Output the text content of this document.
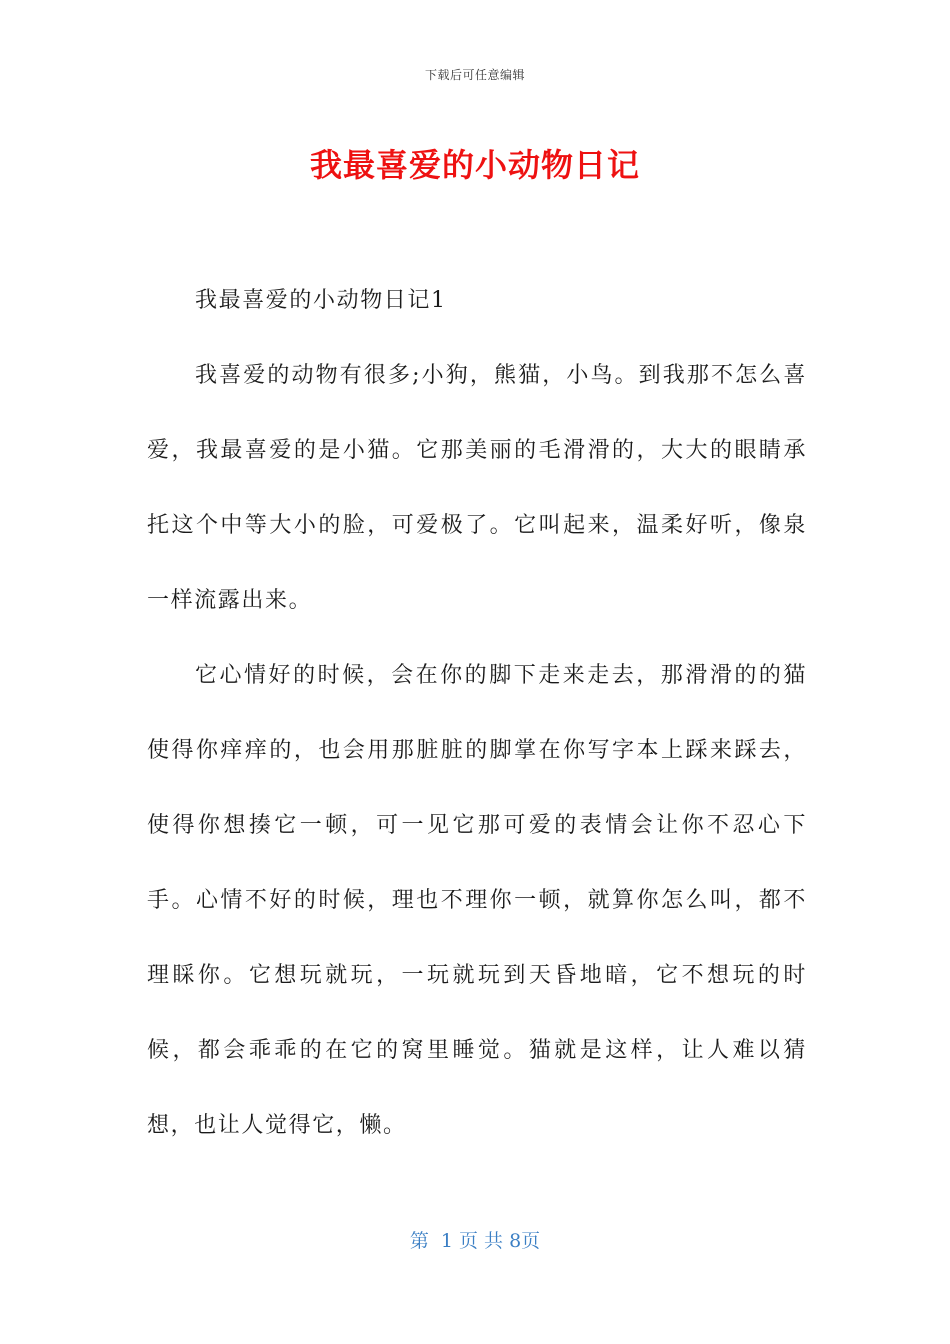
下载后可任意编辑
我最喜爱的小动物日记

我最喜爱的小动物日记1

我喜爱的动物有很多;小狗，熊猫，小鸟。到我那不怎么喜爱，我最喜爱的是小猫。它那美丽的毛滑滑的，大大的眼睛承托这个中等大小的脸，可爱极了。它叫起来，温柔好听，像泉一样流露出来。

它心情好的时候，会在你的脚下走来走去，那滑滑的的猫使得你痒痒的，也会用那脏脏的脚掌在你写字本上踩来踩去，使得你想揍它一顿，可一见它那可爱的表情会让你不忍心下手。心情不好的时候，理也不理你一顿，就算你怎么叫，都不理睬你。它想玩就玩，一玩就玩到天昏地暗，它不想玩的时候，都会乖乖的在它的窝里睡觉。猫就是这样，让人难以猜想，也让人觉得它，懒。

第  1 页 共 8页
